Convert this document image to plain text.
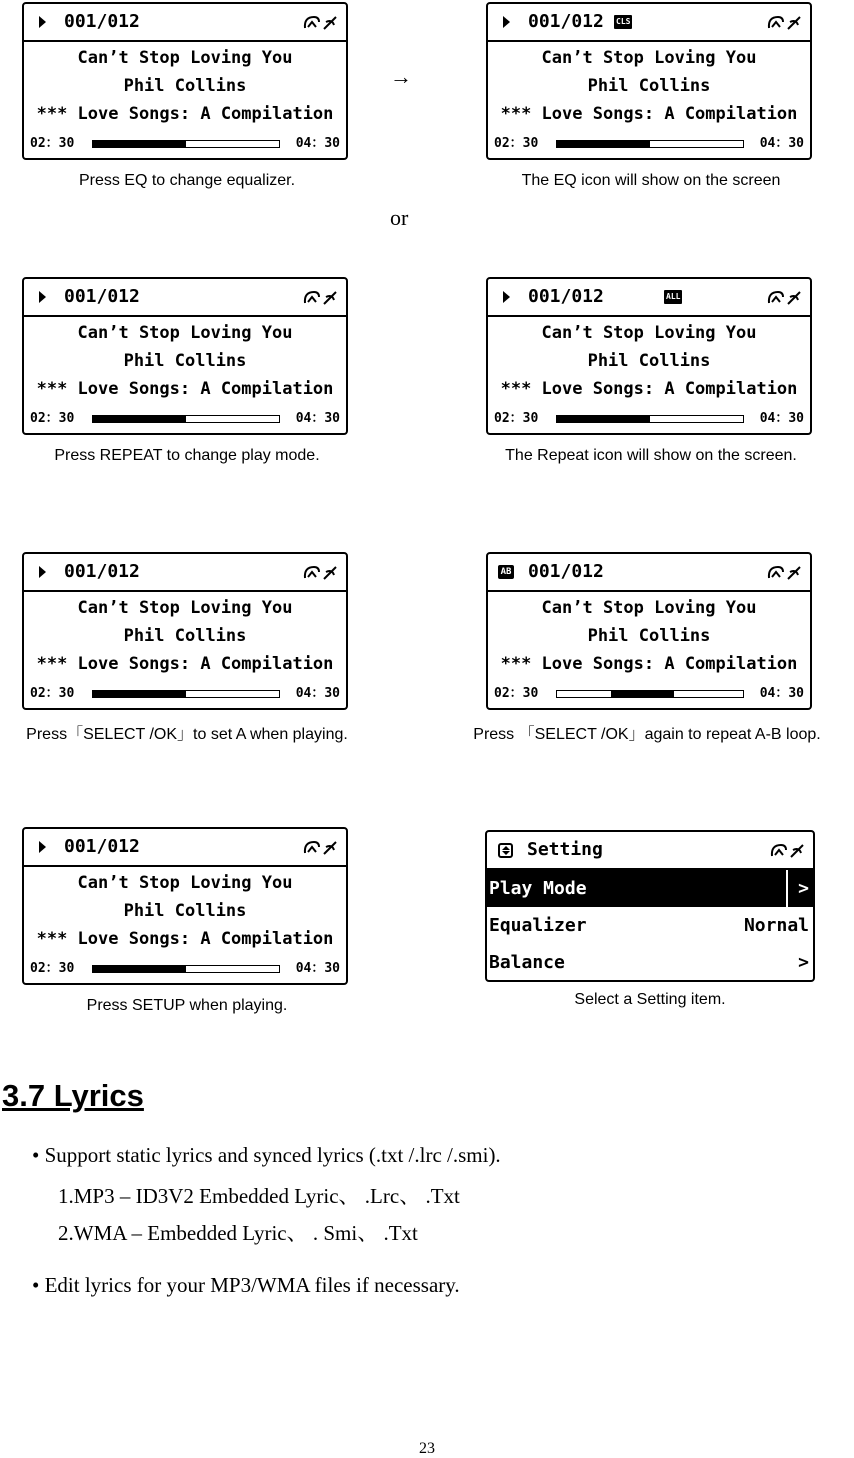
001/012
Can’t Stop Loving You
Phil Collins
*** Love Songs: A Compilation
02：30	04：30
→
001/012 CLS
Can’t Stop Loving You
Phil Collins
*** Love Songs: A Compilation
02：30	04：30
Press EQ to change equalizer.	The EQ icon will show on the screen
or
001/012
Can’t Stop Loving You
Phil Collins
*** Love Songs: A Compilation
02：30	04：30
001/012	ALL
Can’t Stop Loving You
Phil Collins
*** Love Songs: A Compilation
02：30	04：30
Press REPEAT to change play mode.	The Repeat icon will show on the screen.
001/012
Can’t Stop Loving You
Phil Collins
*** Love Songs: A Compilation
02：30	04：30
AB 001/012
Can’t Stop Loving You
Phil Collins
*** Love Songs: A Compilation
02：30	04：30
Press「SELECT /OK」to set A when playing.	Press 「SELECT /OK」again to repeat A-B loop.
001/012
Can’t Stop Loving You
Phil Collins
*** Love Songs: A Compilation
02：30	04：30
Setting
Play Mode	>
Equalizer	Nornal
Balance	>
Press SETUP when playing.	Select a Setting item.
3.7 Lyrics
• Support static lyrics and synced lyrics (.txt /.lrc /.smi).
1.MP3 – ID3V2 Embedded Lyric、 .Lrc、 .Txt
2.WMA – Embedded Lyric、 . Smi、 .Txt
• Edit lyrics for your MP3/WMA files if necessary.
23
